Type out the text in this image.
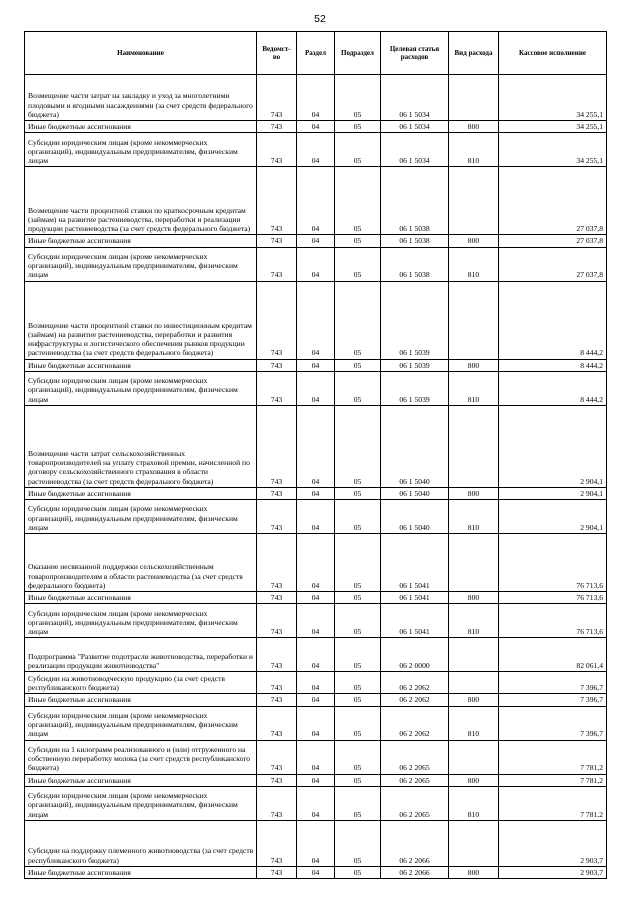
52
Наименование	Ведомст-во	Раздел	Подраздел	Целевая статья расходов	Вид расхода	Кассовое исполнение
Возмещение части затрат на закладку и уход за многолетними плодовыми и ягодными насаждениями (за счет средств федерального бюджета)	743	04	05	06 1 5034		34 255,1
Иные бюджетные ассигнования	743	04	05	06 1 5034	800	34 255,1
Субсидии юридическим лицам (кроме некоммерческих организаций), индивидуальным предпринимателям, физическим лицам	743	04	05	06 1 5034	810	34 255,1
Возмещение части процентной ставки по краткосрочным кредитам (займам) на развитие растениеводства, переработки и реализации продукции растениеводства (за счет средств федерального бюджета)	743	04	05	06 1 5038		27 037,8
Иные бюджетные ассигнования	743	04	05	06 1 5038	800	27 037,8
Субсидии юридическим лицам (кроме некоммерческих организаций), индивидуальным предпринимателям, физическим лицам	743	04	05	06 1 5038	810	27 037,8
Возмещение части процентной ставки по инвестиционным кредитам (займам) на развитие растениеводства, переработки и развития инфраструктуры и логистического обеспечения рынков продукции растениеводства (за счет средств федерального бюджета)	743	04	05	06 1 5039		8 444,2
Иные бюджетные ассигнования	743	04	05	06 1 5039	800	8 444,2
Субсидии юридическим лицам (кроме некоммерческих организаций), индивидуальным предпринимателям, физическим лицам	743	04	05	06 1 5039	810	8 444,2
Возмещение части затрат сельскохозяйственных товаропроизводителей на уплату страховой премии, начисленной по договору сельскохозяйственного страхования в области растениеводства (за счет средств федерального бюджета)	743	04	05	06 1 5040		2 904,1
Иные бюджетные ассигнования	743	04	05	06 1 5040	800	2 904,1
Субсидии юридическим лицам (кроме некоммерческих организаций), индивидуальным предпринимателям, физическим лицам	743	04	05	06 1 5040	810	2 904,1
Оказание несвязанной поддержки сельскохозяйственным товаропроизводителям в области растениеводства (за счет средств федерального бюджета)	743	04	05	06 1 5041		76 713,6
Иные бюджетные ассигнования	743	04	05	06 1 5041	800	76 713,6
Субсидии юридическим лицам (кроме некоммерческих организаций), индивидуальным предпринимателям, физическим лицам	743	04	05	06 1 5041	810	76 713,6
Подпрограмма "Развитие подотрасли животноводства, переработки и реализации продукции животноводства"	743	04	05	06 2 0000		82 061,4
Субсидии на животноводческую продукцию (за счет средств республиканского бюджета)	743	04	05	06 2 2062		7 396,7
Иные бюджетные ассигнования	743	04	05	06 2 2062	800	7 396,7
Субсидии юридическим лицам (кроме некоммерческих организаций), индивидуальным предпринимателям, физическим лицам	743	04	05	06 2 2062	810	7 396,7
Субсидии на 1 килограмм реализованного и (или) отгруженного на собственную переработку молока (за счет средств республиканского бюджета)	743	04	05	06 2 2065		7 781,2
Иные бюджетные ассигнования	743	04	05	06 2 2065	800	7 781,2
Субсидии юридическим лицам (кроме некоммерческих организаций), индивидуальным предпринимателям, физическим лицам	743	04	05	06 2 2065	810	7 781,2
Субсидии на поддержку племенного животноводства (за счет средств республиканского бюджета)	743	04	05	06 2 2066		2 903,7
Иные бюджетные ассигнования	743	04	05	06 2 2066	800	2 903,7
